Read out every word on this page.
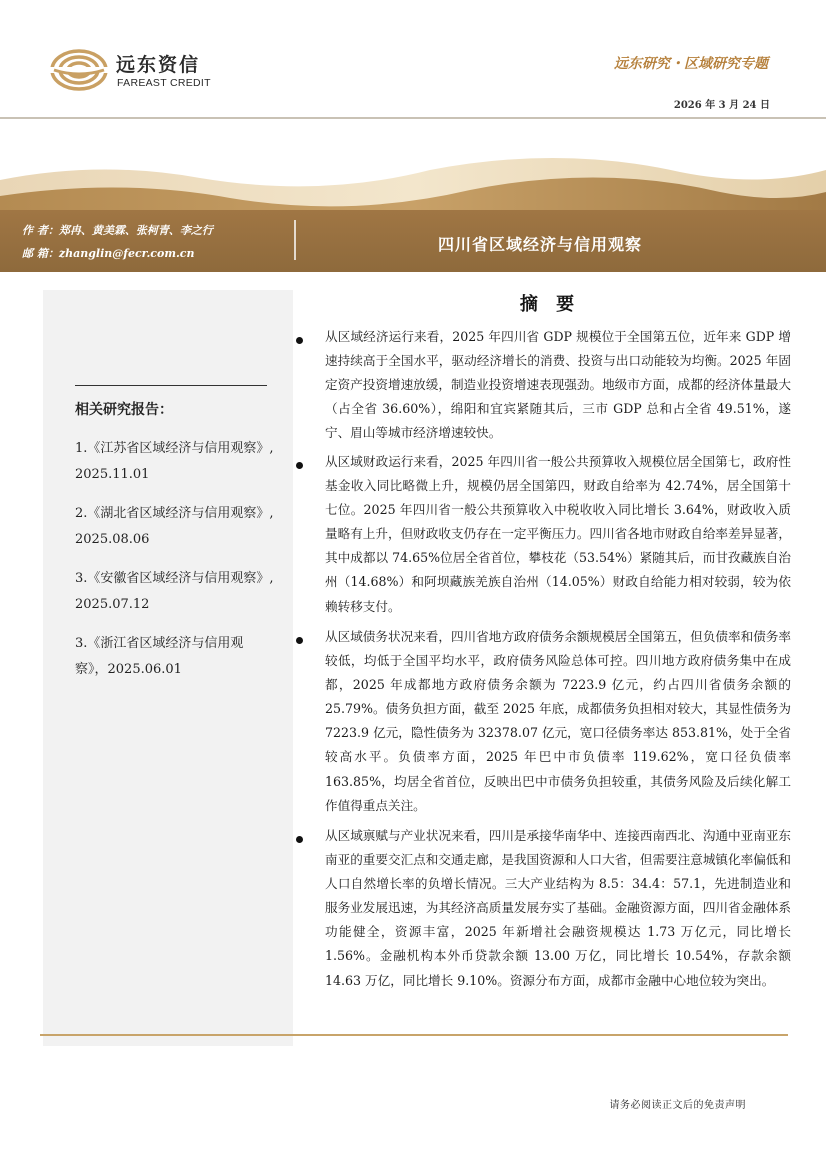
远东资信
FAREAST CREDIT
远东研究・区域研究专题
2026 年 3 月 24 日
作 者：郑冉、黄美霖、张柯青、李之行
邮 箱：zhanglin@fecr.com.cn	四川省区域经济与信用观察
相关研究报告：
1.《江苏省区域经济与信用观察》, 2025.11.01
2.《湖北省区域经济与信用观察》, 2025.08.06
3.《安徽省区域经济与信用观察》, 2025.07.12
3.《浙江省区域经济与信用观察》，2025.06.01
摘 要
从区域经济运行来看，2025 年四川省 GDP 规模位于全国第五位，近年来 GDP 增速持续高于全国水平，驱动经济增长的消费、投资与出口动能较为均衡。2025 年固定资产投资增速放缓，制造业投资增速表现强劲。地级市方面，成都的经济体量最大（占全省 36.60%），绵阳和宜宾紧随其后，三市 GDP 总和占全省 49.51%，遂宁、眉山等城市经济增速较快。
从区域财政运行来看，2025 年四川省一般公共预算收入规模位居全国第七，政府性基金收入同比略微上升，规模仍居全国第四，财政自给率为 42.74%，居全国第十七位。2025 年四川省一般公共预算收入中税收收入同比增长 3.64%，财政收入质量略有上升，但财政收支仍存在一定平衡压力。四川省各地市财政自给率差异显著，其中成都以 74.65%位居全省首位，攀枝花（53.54%）紧随其后，而甘孜藏族自治州（14.68%）和阿坝藏族羌族自治州（14.05%）财政自给能力相对较弱，较为依赖转移支付。
从区域债务状况来看，四川省地方政府债务余额规模居全国第五，但负债率和债务率较低，均低于全国平均水平，政府债务风险总体可控。四川地方政府债务集中在成都，2025 年成都地方政府债务余额为 7223.9 亿元，约占四川省债务余额的 25.79%。债务负担方面，截至 2025 年底，成都债务负担相对较大，其显性债务为 7223.9 亿元，隐性债务为 32378.07 亿元，宽口径债务率达 853.81%，处于全省较高水平。负债率方面，2025 年巴中市负债率 119.62%，宽口径负债率 163.85%，均居全省首位，反映出巴中市债务负担较重，其债务风险及后续化解工作值得重点关注。
从区域禀赋与产业状况来看，四川是承接华南华中、连接西南西北、沟通中亚南亚东南亚的重要交汇点和交通走廊，是我国资源和人口大省，但需要注意城镇化率偏低和人口自然增长率的负增长情况。三大产业结构为 8.5：34.4：57.1，先进制造业和服务业发展迅速，为其经济高质量发展夯实了基础。金融资源方面，四川省金融体系功能健全，资源丰富，2025 年新增社会融资规模达 1.73 万亿元，同比增长 1.56%。金融机构本外币贷款余额 13.00 万亿，同比增长 10.54%，存款余额 14.63 万亿，同比增长 9.10%。资源分布方面，成都市金融中心地位较为突出。
请务必阅读正文后的免责声明
